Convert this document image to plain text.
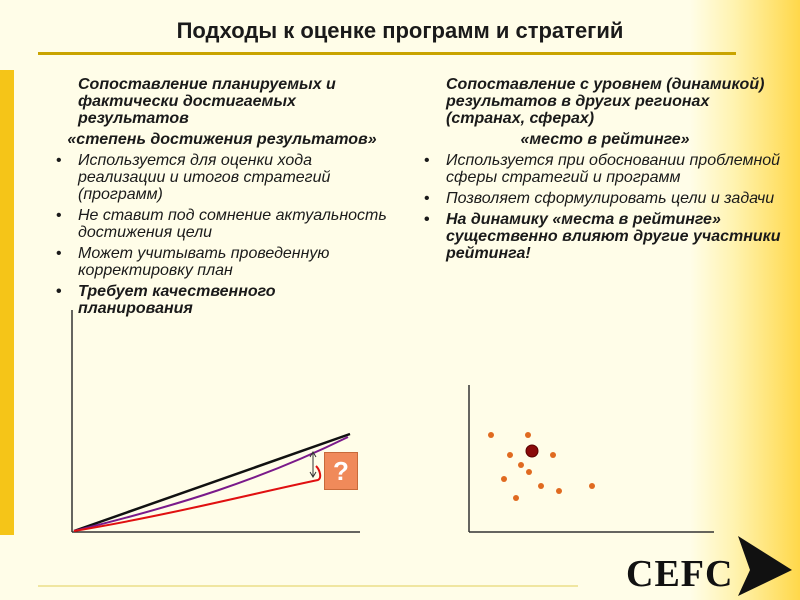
Подходы к оценке программ и стратегий

Сопоставление планируемых и фактически достигаемых результатов

«степень достижения результатов»

• Используется для оценки хода реализации и итогов стратегий (программ)
• Не ставит под сомнение актуальность достижения цели
• Может учитывать проведенную корректировку план
• Требует качественного планирования

Сопоставление с уровнем (динамикой) результатов в других регионах (странах, сферах)

«место в рейтинге»

• Используется при обосновании проблемной сферы стратегий и программ
• Позволяет сформулировать цели и задачи
• На динамику «места в рейтинге» существенно влияют другие участники рейтинга!
?
CEFC
